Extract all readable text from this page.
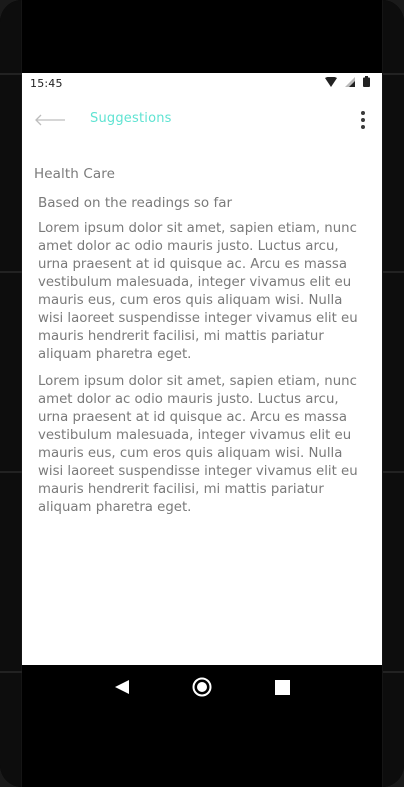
15:45
Suggestions
Health Care
Based on the readings so far

Lorem ipsum dolor sit amet, sapien etiam, nunc amet dolor ac odio mauris justo. Luctus arcu, urna praesent at id quisque ac. Arcu es massa vestibulum malesuada, integer vivamus elit eu mauris eus, cum eros quis aliquam wisi. Nulla wisi laoreet suspendisse integer vivamus elit eu mauris hendrerit facilisi, mi mattis pariatur aliquam pharetra eget.

Lorem ipsum dolor sit amet, sapien etiam, nunc amet dolor ac odio mauris justo. Luctus arcu, urna praesent at id quisque ac. Arcu es massa vestibulum malesuada, integer vivamus elit eu mauris eus, cum eros quis aliquam wisi. Nulla wisi laoreet suspendisse integer vivamus elit eu mauris hendrerit facilisi, mi mattis pariatur aliquam pharetra eget.
